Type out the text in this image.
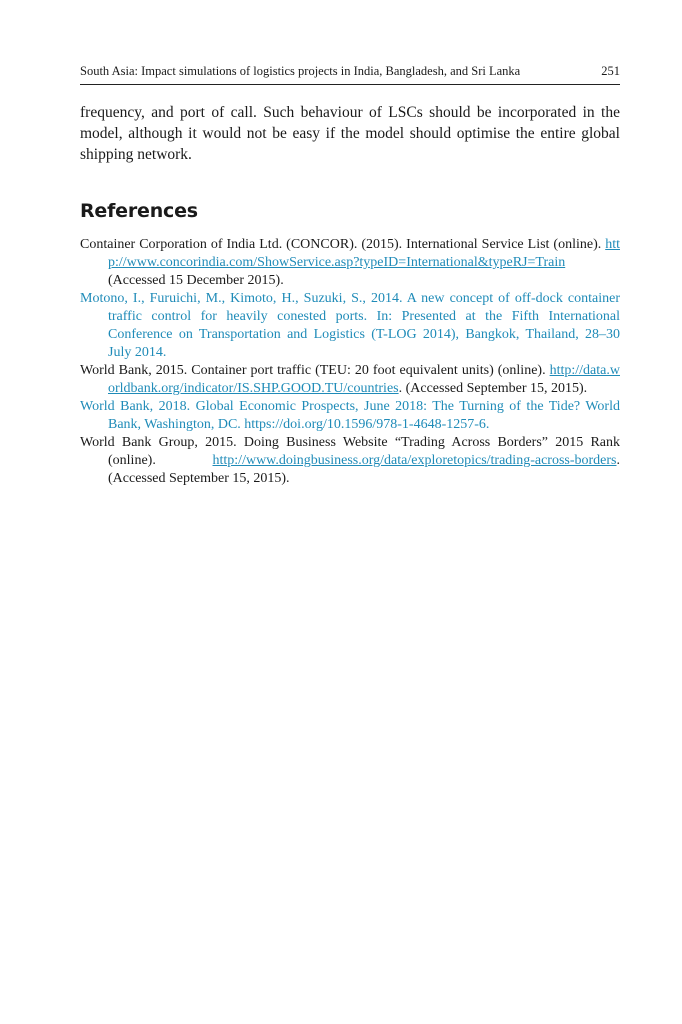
South Asia: Impact simulations of logistics projects in India, Bangladesh, and Sri Lanka	251

frequency, and port of call. Such behaviour of LSCs should be incorporated in the model, although it would not be easy if the model should optimise the entire global shipping network.

References
Container Corporation of India Ltd. (CONCOR). (2015). International Service List (online). http://www.concorindia.com/ShowService.asp?typeID=International&typeRJ=Train (Accessed 15 December 2015).
Motono, I., Furuichi, M., Kimoto, H., Suzuki, S., 2014. A new concept of off-dock container traffic control for heavily conested ports. In: Presented at the Fifth International Conference on Transportation and Logistics (T-LOG 2014), Bangkok, Thailand, 28–30 July 2014.
World Bank, 2015. Container port traffic (TEU: 20 foot equivalent units) (online). http://data.worldbank.org/indicator/IS.SHP.GOOD.TU/countries. (Accessed September 15, 2015).
World Bank, 2018. Global Economic Prospects, June 2018: The Turning of the Tide? World Bank, Washington, DC. https://doi.org/10.1596/978-1-4648-1257-6.
World Bank Group, 2015. Doing Business Website “Trading Across Borders” 2015 Rank (online). http://www.doingbusiness.org/data/exploretopics/trading-across-borders. (Accessed September 15, 2015).
